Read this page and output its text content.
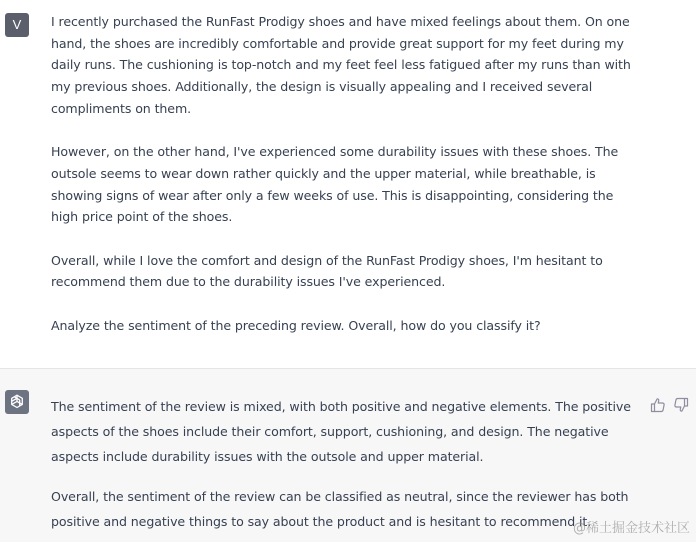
V	I recently purchased the RunFast Prodigy shoes and have mixed feelings about them. On one hand, the shoes are incredibly comfortable and provide great support for my feet during my daily runs. The cushioning is top-notch and my feet feel less fatigued after my runs than with my previous shoes. Additionally, the design is visually appealing and I received several compliments on them.

However, on the other hand, I've experienced some durability issues with these shoes. The outsole seems to wear down rather quickly and the upper material, while breathable, is showing signs of wear after only a few weeks of use. This is disappointing, considering the high price point of the shoes.

Overall, while I love the comfort and design of the RunFast Prodigy shoes, I'm hesitant to recommend them due to the durability issues I've experienced.

Analyze the sentiment of the preceding review. Overall, how do you classify it?

The sentiment of the review is mixed, with both positive and negative elements. The positive aspects of the shoes include their comfort, support, cushioning, and design. The negative aspects include durability issues with the outsole and upper material.

Overall, the sentiment of the review can be classified as neutral, since the reviewer has both positive and negative things to say about the product and is hesitant to recommend it.

@稀土掘金技术社区
